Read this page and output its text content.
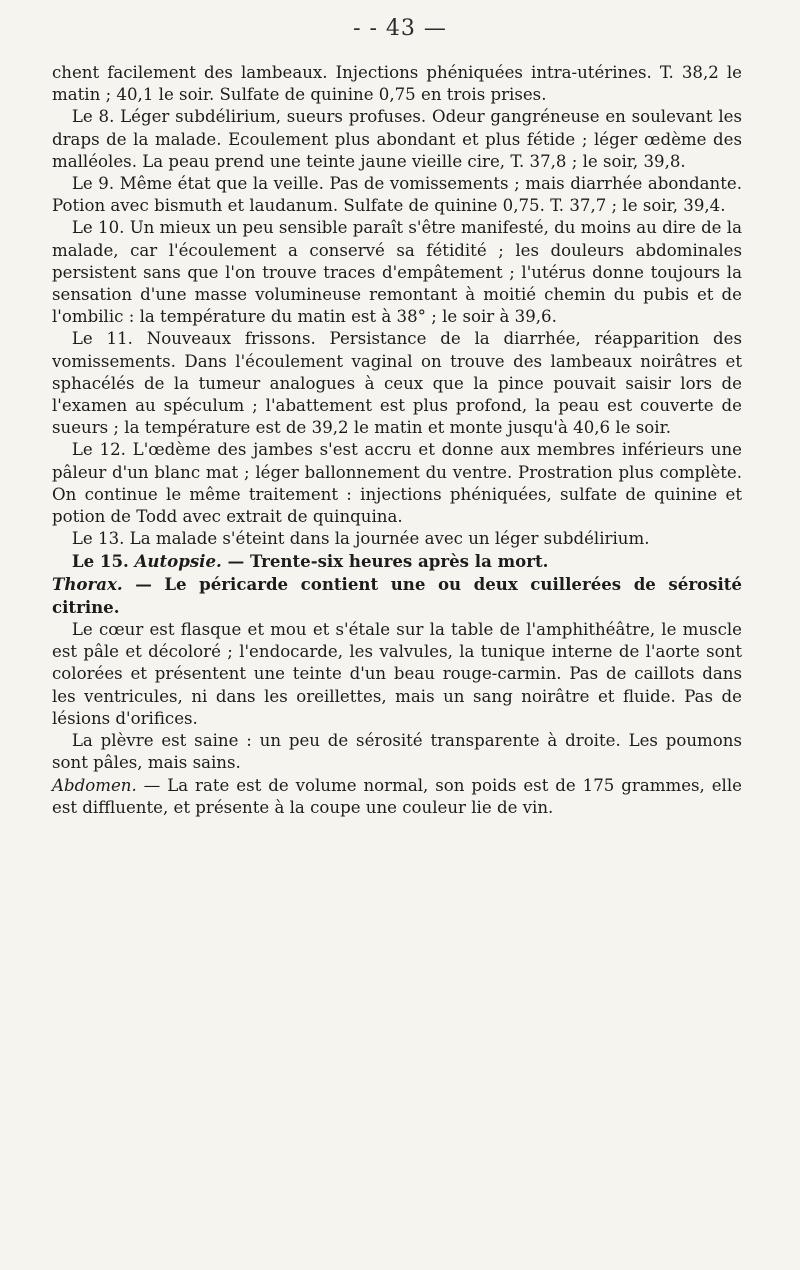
- - 43 —

chent facilement des lambeaux. Injections phéniquées intra-utérines. T. 38,2 le matin ; 40,1 le soir. Sulfate de quinine 0,75 en trois prises.

Le 8. Léger subdélirium, sueurs profuses. Odeur gangréneuse en soulevant les draps de la malade. Ecoulement plus abondant et plus fétide ; léger œdème des malléoles. La peau prend une teinte jaune vieille cire, T. 37,8 ; le soir, 39,8.

Le 9. Même état que la veille. Pas de vomissements ; mais diarrhée abondante. Potion avec bismuth et laudanum. Sulfate de quinine 0,75. T. 37,7 ; le soir, 39,4.

Le 10. Un mieux un peu sensible paraît s'être manifesté, du moins au dire de la malade, car l'écoulement a conservé sa fétidité ; les douleurs abdominales persistent sans que l'on trouve traces d'empâtement ; l'utérus donne toujours la sensation d'une masse volumineuse remontant à moitié chemin du pubis et de l'ombilic : la température du matin est à 38° ; le soir à 39,6.

Le 11. Nouveaux frissons. Persistance de la diarrhée, réapparition des vomissements. Dans l'écoulement vaginal on trouve des lambeaux noirâtres et sphacélés de la tumeur analogues à ceux que la pince pouvait saisir lors de l'examen au spéculum ; l'abattement est plus profond, la peau est couverte de sueurs ; la température est de 39,2 le matin et monte jusqu'à 40,6 le soir.

Le 12. L'œdème des jambes s'est accru et donne aux membres inférieurs une pâleur d'un blanc mat ; léger ballonnement du ventre. Prostration plus complète. On continue le même traitement : injections phéniquées, sulfate de quinine et potion de Todd avec extrait de quinquina.

Le 13. La malade s'éteint dans la journée avec un léger subdélirium.

Le 15. Autopsie. — Trente-six heures après la mort.

Thorax. — Le péricarde contient une ou deux cuillerées de sérosité citrine.

Le cœur est flasque et mou et s'étale sur la table de l'amphithéâtre, le muscle est pâle et décoloré ; l'endocarde, les valvules, la tunique interne de l'aorte sont colorées et présentent une teinte d'un beau rouge-carmin. Pas de caillots dans les ventricules, ni dans les oreillettes, mais un sang noirâtre et fluide. Pas de lésions d'orifices.

La plèvre est saine : un peu de sérosité transparente à droite. Les poumons sont pâles, mais sains.

Abdomen. — La rate est de volume normal, son poids est de 175 grammes, elle est diffluente, et présente à la coupe une couleur lie de vin.
